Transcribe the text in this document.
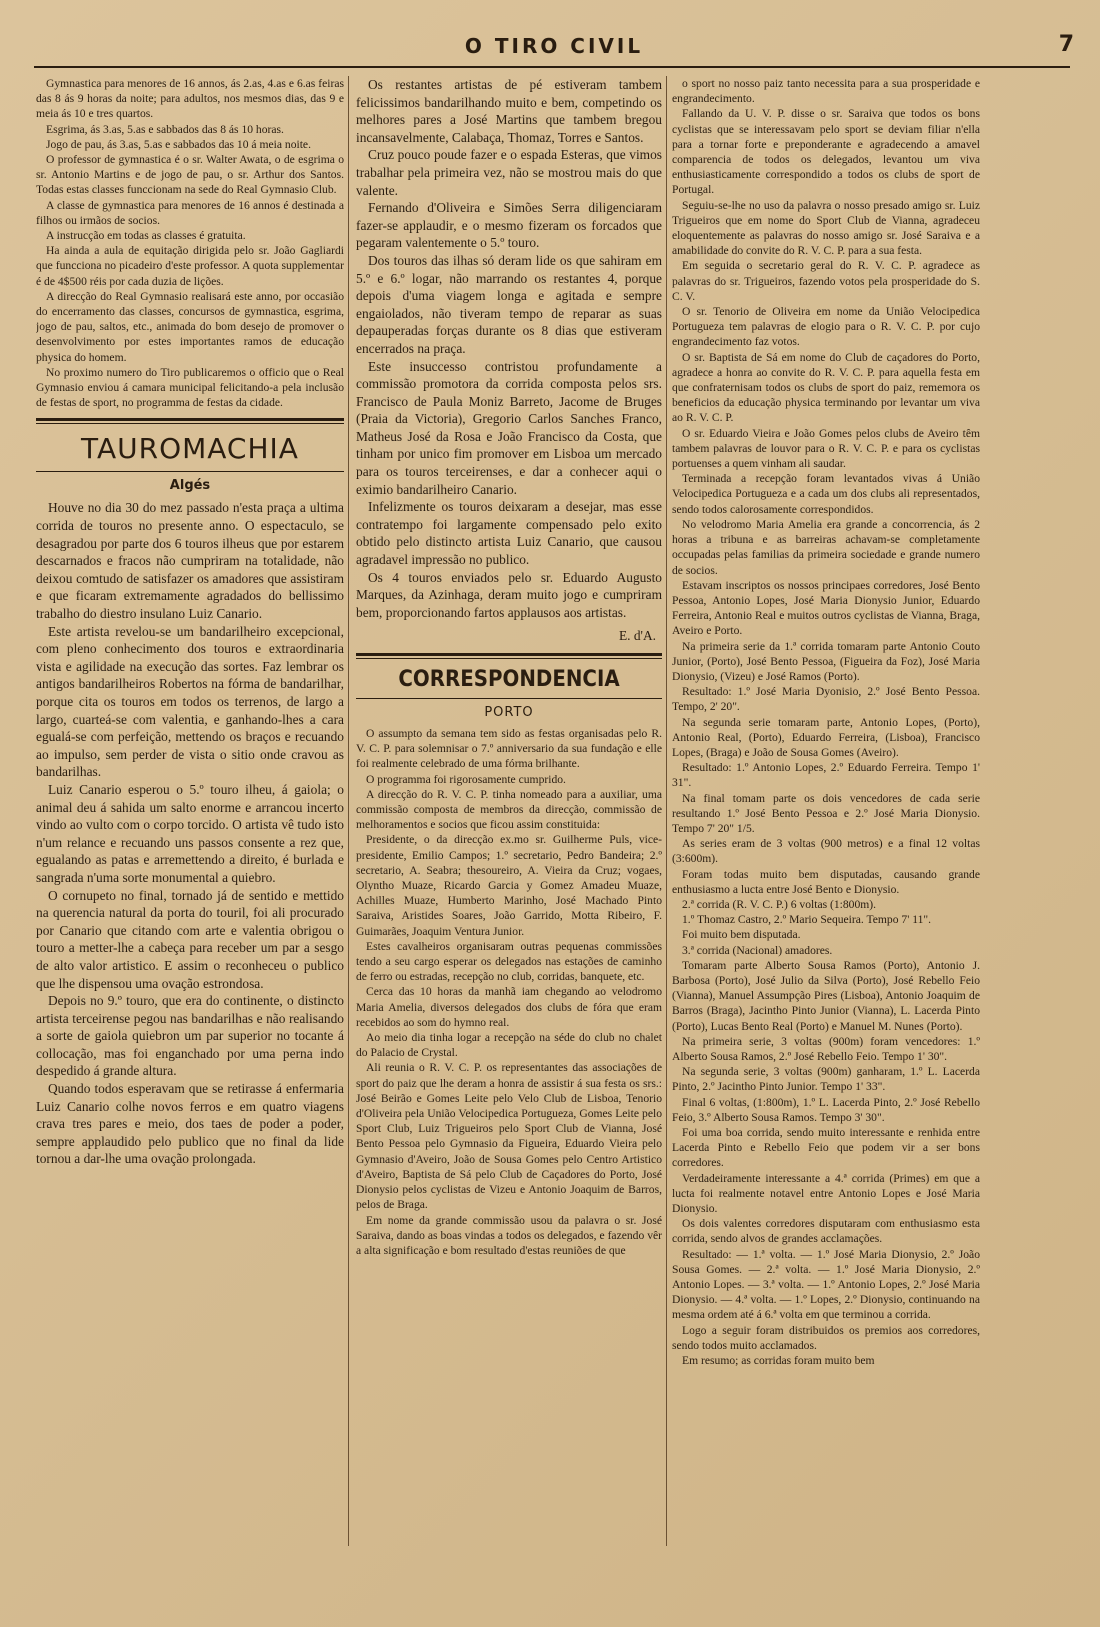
O TIRO CIVIL	7

Gymnastica para menores de 16 annos, ás 2.as, 4.as e 6.as feiras das 8 ás 9 horas da noite; para adultos, nos mesmos dias, das 9 e meia ás 10 e tres quartos.

Esgrima, ás 3.as, 5.as e sabbados das 8 ás 10 horas.

Jogo de pau, ás 3.as, 5.as e sabbados das 10 á meia noite.

O professor de gymnastica é o sr. Walter Awata, o de esgrima o sr. Antonio Martins e de jogo de pau, o sr. Arthur dos Santos. Todas estas classes funccionam na sede do Real Gymnasio Club.

A classe de gymnastica para menores de 16 annos é destinada a filhos ou irmãos de socios.

A instrucção em todas as classes é gratuita.

Ha ainda a aula de equitação dirigida pelo sr. João Gagliardi que funcciona no picadeiro d'este professor. A quota supplementar é de 4$500 réis por cada duzia de lições.

A direcção do Real Gymnasio realisará este anno, por occasião do encerramento das classes, concursos de gymnastica, esgrima, jogo de pau, saltos, etc., animada do bom desejo de promover o desenvolvimento por estes importantes ramos de educação physica do homem.

No proximo numero do Tiro publicaremos o officio que o Real Gymnasio enviou á camara municipal felicitando-a pela inclusão de festas de sport, no programma de festas da cidade.

TAUROMACHIA
Algés

Houve no dia 30 do mez passado n'esta praça a ultima corrida de touros no presente anno. O espectaculo, se desagradou por parte dos 6 touros ilheus que por estarem descarnados e fracos não cumpriram na totalidade, não deixou comtudo de satisfazer os amadores que assistiram e que ficaram extremamente agradados do bellissimo trabalho do diestro insulano Luiz Canario.

Este artista revelou-se um bandarilheiro excepcional, com pleno conhecimento dos touros e extraordinaria vista e agilidade na execução das sortes. Faz lembrar os antigos bandarilheiros Robertos na fórma de bandarilhar, porque cita os touros em todos os terrenos, de largo a largo, cuarteá-se com valentia, e ganhando-lhes a cara egualá-se com perfeição, mettendo os braços e recuando ao impulso, sem perder de vista o sitio onde cravou as bandarilhas.

Luiz Canario esperou o 5.º touro ilheu, á gaiola; o animal deu á sahida um salto enorme e arrancou incerto vindo ao vulto com o corpo torcido. O artista vê tudo isto n'um relance e recuando uns passos consente a rez que, egualando as patas e arremettendo a direito, é burlada e sangrada n'uma sorte monumental a quiebro.

O cornupeto no final, tornado já de sentido e mettido na querencia natural da porta do touril, foi ali procurado por Canario que citando com arte e valentia obrigou o touro a metter-lhe a cabeça para receber um par a sesgo de alto valor artistico. E assim o reconheceu o publico que lhe dispensou uma ovação estrondosa.

Depois no 9.º touro, que era do continente, o distincto artista terceirense pegou nas bandarilhas e não realisando a sorte de gaiola quiebron um par superior no tocante á collocação, mas foi enganchado por uma perna indo despedido á grande altura.

Quando todos esperavam que se retirasse á enfermaria Luiz Canario colhe novos ferros e em quatro viagens crava tres pares e meio, dos taes de poder a poder, sempre applaudido pelo publico que no final da lide tornou a dar-lhe uma ovação prolongada.

Os restantes artistas de pé estiveram tambem felicissimos bandarilhando muito e bem, competindo os melhores pares a José Martins que tambem bregou incansavelmente, Calabaça, Thomaz, Torres e Santos.

Cruz pouco poude fazer e o espada Esteras, que vimos trabalhar pela primeira vez, não se mostrou mais do que valente.

Fernando d'Oliveira e Simões Serra diligenciaram fazer-se applaudir, e o mesmo fizeram os forcados que pegaram valentemente o 5.º touro.

Dos touros das ilhas só deram lide os que sahiram em 5.º e 6.º logar, não marrando os restantes 4, porque depois d'uma viagem longa e agitada e sempre engaiolados, não tiveram tempo de reparar as suas depauperadas forças durante os 8 dias que estiveram encerrados na praça.

Este insuccesso contristou profundamente a commissão promotora da corrida composta pelos srs. Francisco de Paula Moniz Barreto, Jacome de Bruges (Praia da Victoria), Gregorio Carlos Sanches Franco, Matheus José da Rosa e João Francisco da Costa, que tinham por unico fim promover em Lisboa um mercado para os touros terceirenses, e dar a conhecer aqui o eximio bandarilheiro Canario.

Infelizmente os touros deixaram a desejar, mas esse contratempo foi largamente compensado pelo exito obtido pelo distincto artista Luiz Canario, que causou agradavel impressão no publico.

Os 4 touros enviados pelo sr. Eduardo Augusto Marques, da Azinhaga, deram muito jogo e cumpriram bem, proporcionando fartos applausos aos artistas.

E. d'A.

CORRESPONDENCIA
PORTO

O assumpto da semana tem sido as festas organisadas pelo R. V. C. P. para solemnisar o 7.º anniversario da sua fundação e elle foi realmente celebrado de uma fórma brilhante.

O programma foi rigorosamente cumprido.

A direcção do R. V. C. P. tinha nomeado para a auxiliar, uma commissão composta de membros da direcção, commissão de melhoramentos e socios que ficou assim constituida:

Presidente, o da direcção ex.mo sr. Guilherme Puls, vice-presidente, Emilio Campos; 1.º secretario, Pedro Bandeira; 2.º secretario, A. Seabra; thesoureiro, A. Vieira da Cruz; vogaes, Olyntho Muaze, Ricardo Garcia y Gomez Amadeu Muaze, Achilles Muaze, Humberto Marinho, José Machado Pinto Saraiva, Aristides Soares, João Garrido, Motta Ribeiro, F. Guimarães, Joaquim Ventura Junior.

Estes cavalheiros organisaram outras pequenas commissões tendo a seu cargo esperar os delegados nas estações de caminho de ferro ou estradas, recepção no club, corridas, banquete, etc.

Cerca das 10 horas da manhã iam chegando ao velodromo Maria Amelia, diversos delegados dos clubs de fóra que eram recebidos ao som do hymno real.

Ao meio dia tinha logar a recepção na séde do club no chalet do Palacio de Crystal.

Ali reunia o R. V. C. P. os representantes das associações de sport do paiz que lhe deram a honra de assistir á sua festa os srs.: José Beirão e Gomes Leite pelo Velo Club de Lisboa, Tenorio d'Oliveira pela União Velocipedica Portugueza, Gomes Leite pelo Sport Club, Luiz Trigueiros pelo Sport Club de Vianna, José Bento Pessoa pelo Gymnasio da Figueira, Eduardo Vieira pelo Gymnasio d'Aveiro, João de Sousa Gomes pelo Centro Artistico d'Aveiro, Baptista de Sá pelo Club de Caçadores do Porto, José Dionysio pelos cyclistas de Vizeu e Antonio Joaquim de Barros, pelos de Braga.

Em nome da grande commissão usou da palavra o sr. José Saraiva, dando as boas vindas a todos os delegados, e fazendo vêr a alta significação e bom resultado d'estas reuniões de que

o sport no nosso paiz tanto necessita para a sua prosperidade e engrandecimento.

Fallando da U. V. P. disse o sr. Saraiva que todos os bons cyclistas que se interessavam pelo sport se deviam filiar n'ella para a tornar forte e preponderante e agradecendo a amavel comparencia de todos os delegados, levantou um viva enthusiasticamente correspondido a todos os clubs de sport de Portugal.

Seguiu-se-lhe no uso da palavra o nosso presado amigo sr. Luiz Trigueiros que em nome do Sport Club de Vianna, agradeceu eloquentemente as palavras do nosso amigo sr. José Saraiva e a amabilidade do convite do R. V. C. P. para a sua festa.

Em seguida o secretario geral do R. V. C. P. agradece as palavras do sr. Trigueiros, fazendo votos pela prosperidade do S. C. V.

O sr. Tenorio de Oliveira em nome da União Velocipedica Portugueza tem palavras de elogio para o R. V. C. P. por cujo engrandecimento faz votos.

O sr. Baptista de Sá em nome do Club de caçadores do Porto, agradece a honra ao convite do R. V. C. P. para aquella festa em que confraternisam todos os clubs de sport do paiz, rememora os beneficios da educação physica terminando por levantar um viva ao R. V. C. P.

O sr. Eduardo Vieira e João Gomes pelos clubs de Aveiro têm tambem palavras de louvor para o R. V. C. P. e para os cyclistas portuenses a quem vinham ali saudar.

Terminada a recepção foram levantados vivas á União Velocipedica Portugueza e a cada um dos clubs ali representados, sendo todos calorosamente correspondidos.

No velodromo Maria Amelia era grande a concorrencia, ás 2 horas a tribuna e as barreiras achavam-se completamente occupadas pelas familias da primeira sociedade e grande numero de socios.

Estavam inscriptos os nossos principaes corredores, José Bento Pessoa, Antonio Lopes, José Maria Dionysio Junior, Eduardo Ferreira, Antonio Real e muitos outros cyclistas de Vianna, Braga, Aveiro e Porto.

Na primeira serie da 1.ª corrida tomaram parte Antonio Couto Junior, (Porto), José Bento Pessoa, (Figueira da Foz), José Maria Dionysio, (Vizeu) e José Ramos (Porto).

Resultado: 1.º José Maria Dyonisio, 2.º José Bento Pessoa. Tempo, 2' 20".

Na segunda serie tomaram parte, Antonio Lopes, (Porto), Antonio Real, (Porto), Eduardo Ferreira, (Lisboa), Francisco Lopes, (Braga) e João de Sousa Gomes (Aveiro).

Resultado: 1.º Antonio Lopes, 2.º Eduardo Ferreira. Tempo 1' 31".

Na final tomam parte os dois vencedores de cada serie resultando 1.º José Bento Pessoa e 2.º José Maria Dionysio. Tempo 7' 20" 1/5.

As series eram de 3 voltas (900 metros) e a final 12 voltas (3:600m).

Foram todas muito bem disputadas, causando grande enthusiasmo a lucta entre José Bento e Dionysio.

2.ª corrida (R. V. C. P.) 6 voltas (1:800m).

1.º Thomaz Castro, 2.º Mario Sequeira. Tempo 7' 11".

Foi muito bem disputada.

3.ª corrida (Nacional) amadores.

Tomaram parte Alberto Sousa Ramos (Porto), Antonio J. Barbosa (Porto), José Julio da Silva (Porto), José Rebello Feio (Vianna), Manuel Assumpção Pires (Lisboa), Antonio Joaquim de Barros (Braga), Jacintho Pinto Junior (Vianna), L. Lacerda Pinto (Porto), Lucas Bento Real (Porto) e Manuel M. Nunes (Porto).

Na primeira serie, 3 voltas (900m) foram vencedores: 1.º Alberto Sousa Ramos, 2.º José Rebello Feio. Tempo 1' 30".

Na segunda serie, 3 voltas (900m) ganharam, 1.º L. Lacerda Pinto, 2.º Jacintho Pinto Junior. Tempo 1' 33".

Final 6 voltas, (1:800m), 1.º L. Lacerda Pinto, 2.º José Rebello Feio, 3.º Alberto Sousa Ramos. Tempo 3' 30".

Foi uma boa corrida, sendo muito interessante e renhida entre Lacerda Pinto e Rebello Feio que podem vir a ser bons corredores.

Verdadeiramente interessante a 4.ª corrida (Primes) em que a lucta foi realmente notavel entre Antonio Lopes e José Maria Dionysio.

Os dois valentes corredores disputaram com enthusiasmo esta corrida, sendo alvos de grandes acclamações.

Resultado: — 1.ª volta. — 1.º José Maria Dionysio, 2.º João Sousa Gomes. — 2.ª volta. — 1.º José Maria Dionysio, 2.º Antonio Lopes. — 3.ª volta. — 1.º Antonio Lopes, 2.º José Maria Dionysio. — 4.ª volta. — 1.º Lopes, 2.º Dionysio, continuando na mesma ordem até á 6.ª volta em que terminou a corrida.

Logo a seguir foram distribuidos os premios aos corredores, sendo todos muito acclamados.

Em resumo; as corridas foram muito bem
